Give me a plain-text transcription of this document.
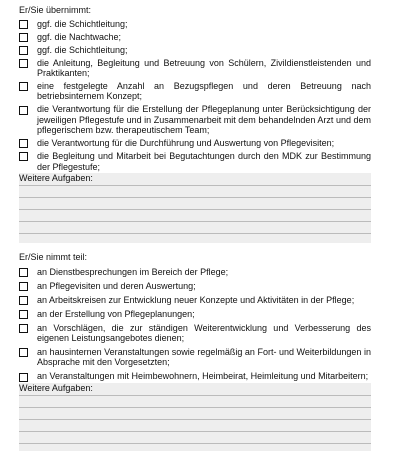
Er/Sie übernimmt:

ggf. die Schichtleitung;
ggf. die Nachtwache;
ggf. die Schichtleitung;
die Anleitung, Begleitung und Betreuung von Schülern, Zivildienstleistenden und Praktikanten;
eine festgelegte Anzahl an Bezugspflegen und deren Betreuung nach betriebsinternem Konzept;
die Verantwortung für die Erstellung der Pflegeplanung unter Berücksichtigung der jeweiligen Pflegestufe und in Zusammenarbeit mit dem behandelnden Arzt und dem pflegerischem bzw. therapeutischem Team;
die Verantwortung für die Durchführung und Auswertung von Pflegevisiten;
die Begleitung und Mitarbeit bei Begutachtungen durch den MDK zur Bestimmung der Pflegestufe;
Weitere Aufgaben:

Er/Sie nimmt teil:

an Dienstbesprechungen im Bereich der Pflege;
an Pflegevisiten und deren Auswertung;
an Arbeitskreisen zur Entwicklung neuer Konzepte und Aktivitäten in der Pflege;
an der Erstellung von Pflegeplanungen;
an Vorschlägen, die zur ständigen Weiterentwicklung und Verbesserung des eigenen Leistungsangebotes dienen;
an hausinternen Veranstaltungen sowie regelmäßig an Fort- und Weiterbildungen in Absprache mit den Vorgesetzten;
an Veranstaltungen mit Heimbewohnern, Heimbeirat, Heimleitung und Mitarbeitern;
Weitere Aufgaben:
